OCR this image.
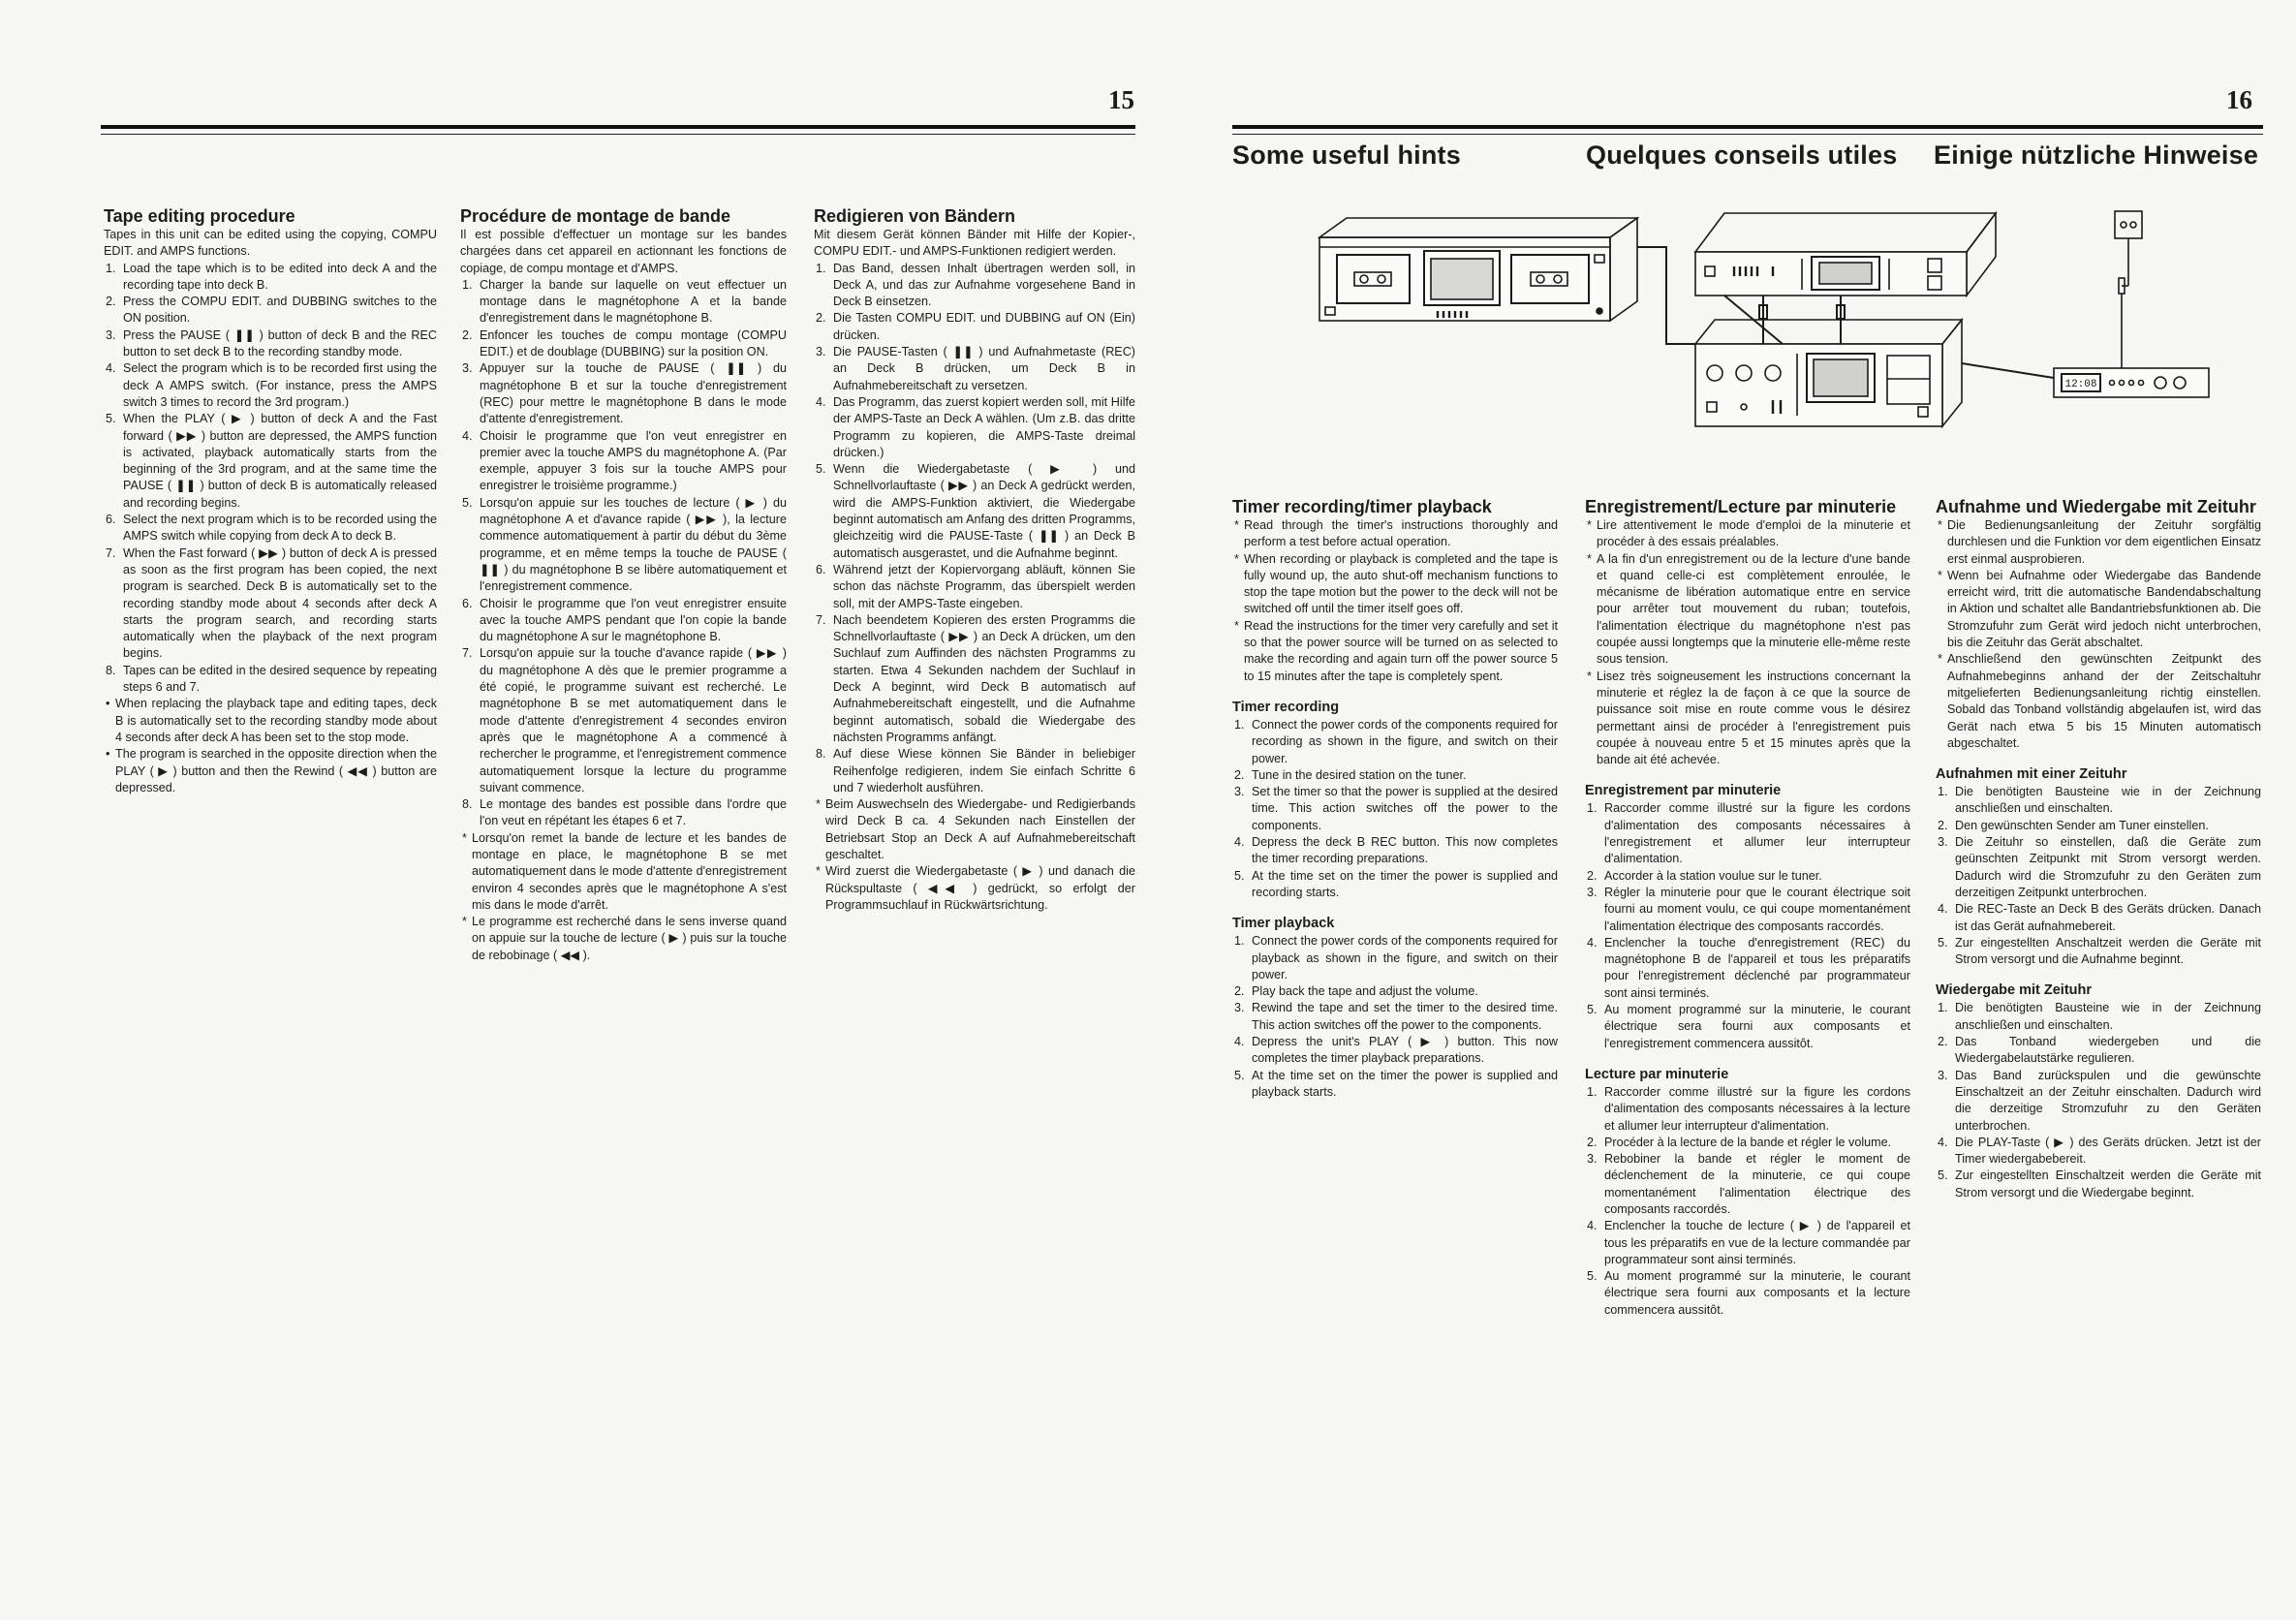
15	16
Some useful hints	Quelques conseils utiles Einige nützliche Hinweise
12:08
Tape editing procedure

Tapes in this unit can be edited using the copying, COMPU EDIT. and AMPS functions.

1. Load the tape which is to be edited into deck A and the recording tape into deck B.
2. Press the COMPU EDIT. and DUBBING switches to the ON position.
3. Press the PAUSE ( ❚❚ ) button of deck B and the REC button to set deck B to the recording standby mode.
4. Select the program which is to be recorded first using the deck A AMPS switch. (For instance, press the AMPS switch 3 times to record the 3rd program.)
5. When the PLAY ( ▶ ) button of deck A and the Fast forward ( ▶▶ ) button are depressed, the AMPS function is activated, playback automatically starts from the beginning of the 3rd program, and at the same time the PAUSE ( ❚❚ ) button of deck B is automatically released and recording begins.
6. Select the next program which is to be recorded using the AMPS switch while copying from deck A to deck B.
7. When the Fast forward ( ▶▶ ) button of deck A is pressed as soon as the first program has been copied, the next program is searched. Deck B is automatically set to the recording standby mode about 4 seconds after deck A starts the program search, and recording starts automatically when the playback of the next program begins.
8. Tapes can be edited in the desired sequence by repeating steps 6 and 7.
• When replacing the playback tape and editing tapes, deck B is automatically set to the recording standby mode about 4 seconds after deck A has been set to the stop mode.
• The program is searched in the opposite direction when the PLAY ( ▶ ) button and then the Rewind ( ◀◀ ) button are depressed.
Procédure de montage de bande

Il est possible d'effectuer un montage sur les bandes chargées dans cet appareil en actionnant les fonctions de copiage, de compu montage et d'AMPS.

1. Charger la bande sur laquelle on veut effectuer un montage dans le magnétophone A et la bande d'enregistrement dans le magnétophone B.
2. Enfoncer les touches de compu montage (COMPU EDIT.) et de doublage (DUBBING) sur la position ON.
3. Appuyer sur la touche de PAUSE ( ❚❚ ) du magnétophone B et sur la touche d'enregistrement (REC) pour mettre le magnétophone B dans le mode d'attente d'enregistrement.
4. Choisir le programme que l'on veut enregistrer en premier avec la touche AMPS du magnétophone A. (Par exemple, appuyer 3 fois sur la touche AMPS pour enregistrer le troisième programme.)
5. Lorsqu'on appuie sur les touches de lecture ( ▶ ) du magnétophone A et d'avance rapide ( ▶▶ ), la lecture commence automatiquement à partir du début du 3ème programme, et en même temps la touche de PAUSE ( ❚❚ ) du magnétophone B se libère automatiquement et l'enregistrement commence.
6. Choisir le programme que l'on veut enregistrer ensuite avec la touche AMPS pendant que l'on copie la bande du magnétophone A sur le magnétophone B.
7. Lorsqu'on appuie sur la touche d'avance rapide ( ▶▶ ) du magnétophone A dès que le premier programme a été copié, le programme suivant est recherché. Le magnétophone B se met automatiquement dans le mode d'attente d'enregistrement 4 secondes environ après que le magnétophone A a commencé à rechercher le programme, et l'enregistrement commence automatiquement lorsque la lecture du programme suivant commence.
8. Le montage des bandes est possible dans l'ordre que l'on veut en répétant les étapes 6 et 7.
* Lorsqu'on remet la bande de lecture et les bandes de montage en place, le magnétophone B se met automatiquement dans le mode d'attente d'enregistrement environ 4 secondes après que le magnétophone A s'est mis dans le mode d'arrêt.
* Le programme est recherché dans le sens inverse quand on appuie sur la touche de lecture ( ▶ ) puis sur la touche de rebobinage ( ◀◀ ).
Redigieren von Bändern

Mit diesem Gerät können Bänder mit Hilfe der Kopier-, COMPU EDIT.- und AMPS-Funktionen redigiert werden.

1. Das Band, dessen Inhalt übertragen werden soll, in Deck A, und das zur Aufnahme vorgesehene Band in Deck B einsetzen.
2. Die Tasten COMPU EDIT. und DUBBING auf ON (Ein) drücken.
3. Die PAUSE-Tasten ( ❚❚ ) und Aufnahmetaste (REC) an Deck B drücken, um Deck B in Aufnahmebereitschaft zu versetzen.
4. Das Programm, das zuerst kopiert werden soll, mit Hilfe der AMPS-Taste an Deck A wählen. (Um z.B. das dritte Programm zu kopieren, die AMPS-Taste dreimal drücken.)
5. Wenn die Wiedergabetaste ( ▶ ) und Schnellvorlauftaste ( ▶▶ ) an Deck A gedrückt werden, wird die AMPS-Funktion aktiviert, die Wiedergabe beginnt automatisch am Anfang des dritten Programms, gleichzeitig wird die PAUSE-Taste ( ❚❚ ) an Deck B automatisch ausgerastet, und die Aufnahme beginnt.
6. Während jetzt der Kopiervorgang abläuft, können Sie schon das nächste Programm, das überspielt werden soll, mit der AMPS-Taste eingeben.
7. Nach beendetem Kopieren des ersten Programms die Schnellvorlauftaste ( ▶▶ ) an Deck A drücken, um den Suchlauf zum Auffinden des nächsten Programms zu starten. Etwa 4 Sekunden nachdem der Suchlauf in Deck A beginnt, wird Deck B automatisch auf Aufnahmebereitschaft eingestellt, und die Aufnahme beginnt automatisch, sobald die Wiedergabe des nächsten Programms anfängt.
8. Auf diese Wiese können Sie Bänder in beliebiger Reihenfolge redigieren, indem Sie einfach Schritte 6 und 7 wiederholt ausführen.
* Beim Auswechseln des Wiedergabe- und Redigierbands wird Deck B ca. 4 Sekunden nach Einstellen der Betriebsart Stop an Deck A auf Aufnahmebereitschaft geschaltet.
* Wird zuerst die Wiedergabetaste ( ▶ ) und danach die Rückspultaste ( ◀◀ ) gedrückt, so erfolgt der Programmsuchlauf in Rückwärtsrichtung.
Timer recording/timer playback
* Read through the timer's instructions thoroughly and perform a test before actual operation.
* When recording or playback is completed and the tape is fully wound up, the auto shut-off mechanism functions to stop the tape motion but the power to the deck will not be switched off until the timer itself goes off.
* Read the instructions for the timer very carefully and set it so that the power source will be turned on as selected to make the recording and again turn off the power source 5 to 15 minutes after the tape is completely spent.
Timer recording
1. Connect the power cords of the components required for recording as shown in the figure, and switch on their power.
2. Tune in the desired station on the tuner.
3. Set the timer so that the power is supplied at the desired time. This action switches off the power to the components.
4. Depress the deck B REC button. This now completes the timer recording preparations.
5. At the time set on the timer the power is supplied and recording starts.
Timer playback
1. Connect the power cords of the components required for playback as shown in the figure, and switch on their power.
2. Play back the tape and adjust the volume.
3. Rewind the tape and set the timer to the desired time. This action switches off the power to the components.
4. Depress the unit's PLAY ( ▶ ) button. This now completes the timer playback preparations.
5. At the time set on the timer the power is supplied and playback starts.
Enregistrement/Lecture par minuterie
* Lire attentivement le mode d'emploi de la minuterie et procéder à des essais préalables.
* A la fin d'un enregistrement ou de la lecture d'une bande et quand celle-ci est complètement enroulée, le mécanisme de libération automatique entre en service pour arrêter tout mouvement du ruban; toutefois, l'alimentation électrique du magnétophone n'est pas coupée aussi longtemps que la minuterie elle-même reste sous tension.
* Lisez très soigneusement les instructions concernant la minuterie et réglez la de façon à ce que la source de puissance soit mise en route comme vous le désirez permettant ainsi de procéder à l'enregistrement puis coupée à nouveau entre 5 et 15 minutes après que la bande ait été achevée.
Enregistrement par minuterie
1. Raccorder comme illustré sur la figure les cordons d'alimentation des composants nécessaires à l'enregistrement et allumer leur interrupteur d'alimentation.
2. Accorder à la station voulue sur le tuner.
3. Régler la minuterie pour que le courant électrique soit fourni au moment voulu, ce qui coupe momentanément l'alimentation électrique des composants raccordés.
4. Enclencher la touche d'enregistrement (REC) du magnétophone B de l'appareil et tous les préparatifs pour l'enregistrement déclenché par programmateur sont ainsi terminés.
5. Au moment programmé sur la minuterie, le courant électrique sera fourni aux composants et l'enregistrement commencera aussitôt.
Lecture par minuterie
1. Raccorder comme illustré sur la figure les cordons d'alimentation des composants nécessaires à la lecture et allumer leur interrupteur d'alimentation.
2. Procéder à la lecture de la bande et régler le volume.
3. Rebobiner la bande et régler le moment de déclenchement de la minuterie, ce qui coupe momentanément l'alimentation électrique des composants raccordés.
4. Enclencher la touche de lecture ( ▶ ) de l'appareil et tous les préparatifs en vue de la lecture commandée par programmateur sont ainsi terminés.
5. Au moment programmé sur la minuterie, le courant électrique sera fourni aux composants et la lecture commencera aussitôt.
Aufnahme und Wiedergabe mit Zeituhr
* Die Bedienungsanleitung der Zeituhr sorgfältig durchlesen und die Funktion vor dem eigentlichen Einsatz erst einmal ausprobieren.
* Wenn bei Aufnahme oder Wiedergabe das Bandende erreicht wird, tritt die automatische Bandendabschaltung in Aktion und schaltet alle Bandantriebsfunktionen ab. Die Stromzufuhr zum Gerät wird jedoch nicht unterbrochen, bis die Zeituhr das Gerät abschaltet.
* Anschließend den gewünschten Zeitpunkt des Aufnahmebeginns anhand der der Zeitschaltuhr mitgelieferten Bedienungsanleitung richtig einstellen. Sobald das Tonband vollständig abgelaufen ist, wird das Gerät nach etwa 5 bis 15 Minuten automatisch abgeschaltet.
Aufnahmen mit einer Zeituhr
1. Die benötigten Bausteine wie in der Zeichnung anschließen und einschalten.
2. Den gewünschten Sender am Tuner einstellen.
3. Die Zeituhr so einstellen, daß die Geräte zum geünschten Zeitpunkt mit Strom versorgt werden. Dadurch wird die Stromzufuhr zu den Geräten zum derzeitigen Zeitpunkt unterbrochen.
4. Die REC-Taste an Deck B des Geräts drücken. Danach ist das Gerät aufnahmebereit.
5. Zur eingestellten Anschaltzeit werden die Geräte mit Strom versorgt und die Aufnahme beginnt.
Wiedergabe mit Zeituhr
1. Die benötigten Bausteine wie in der Zeichnung anschließen und einschalten.
2. Das Tonband wiedergeben und die Wiedergabelautstärke regulieren.
3. Das Band zurückspulen und die gewünschte Einschaltzeit an der Zeituhr einschalten. Dadurch wird die derzeitige Stromzufuhr zu den Geräten unterbrochen.
4. Die PLAY-Taste ( ▶ ) des Geräts drücken. Jetzt ist der Timer wiedergabebereit.
5. Zur eingestellten Einschaltzeit werden die Geräte mit Strom versorgt und die Wiedergabe beginnt.
